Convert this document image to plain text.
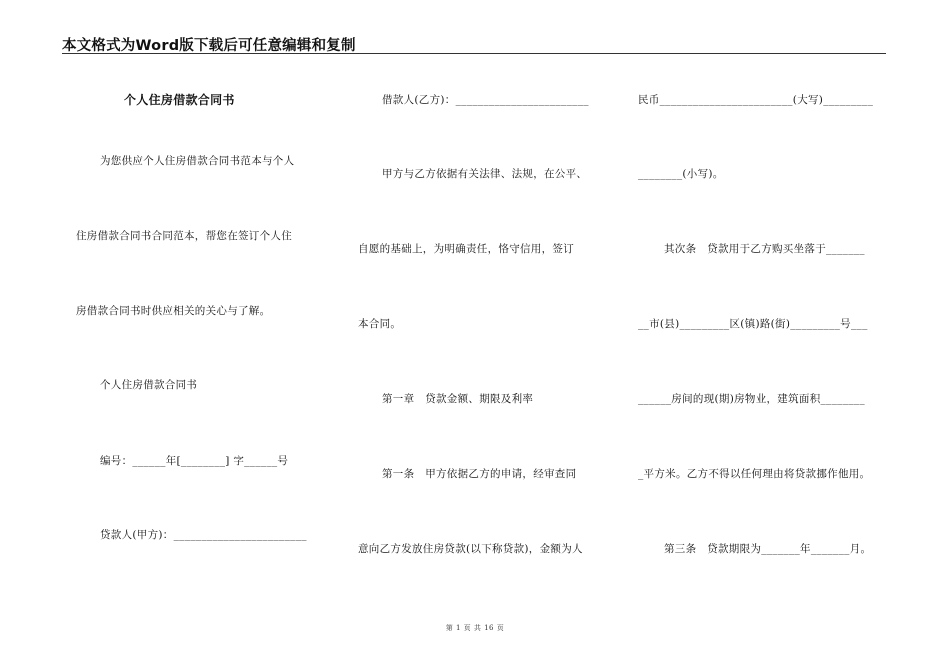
本文格式为Word版下载后可任意编辑和复制
个人住房借款合同书
为您供应个人住房借款合同书范本与个人
住房借款合同书合同范本，帮您在签订个人住
房借款合同书时供应相关的关心与了解。
个人住房借款合同书
编号：______年[________] 字______号
贷款人(甲方)：________________________
借款人(乙方)：________________________
甲方与乙方依据有关法律、法规，在公平、
自愿的基础上，为明确责任，恪守信用，签订
本合同。
第一章　贷款金额、期限及利率
第一条　甲方依据乙方的申请，经审查同
意向乙方发放住房贷款(以下称贷款)，金额为人
民币________________________(大写)_________
________(小写)。
其次条　贷款用于乙方购买坐落于_______
__市(县)_________区(镇)路(街)_________号___
______房间的现(期)房物业，建筑面积________
_平方米。乙方不得以任何理由将贷款挪作他用。
第三条　贷款期限为_______年_______月。
第 1 页 共 16 页
